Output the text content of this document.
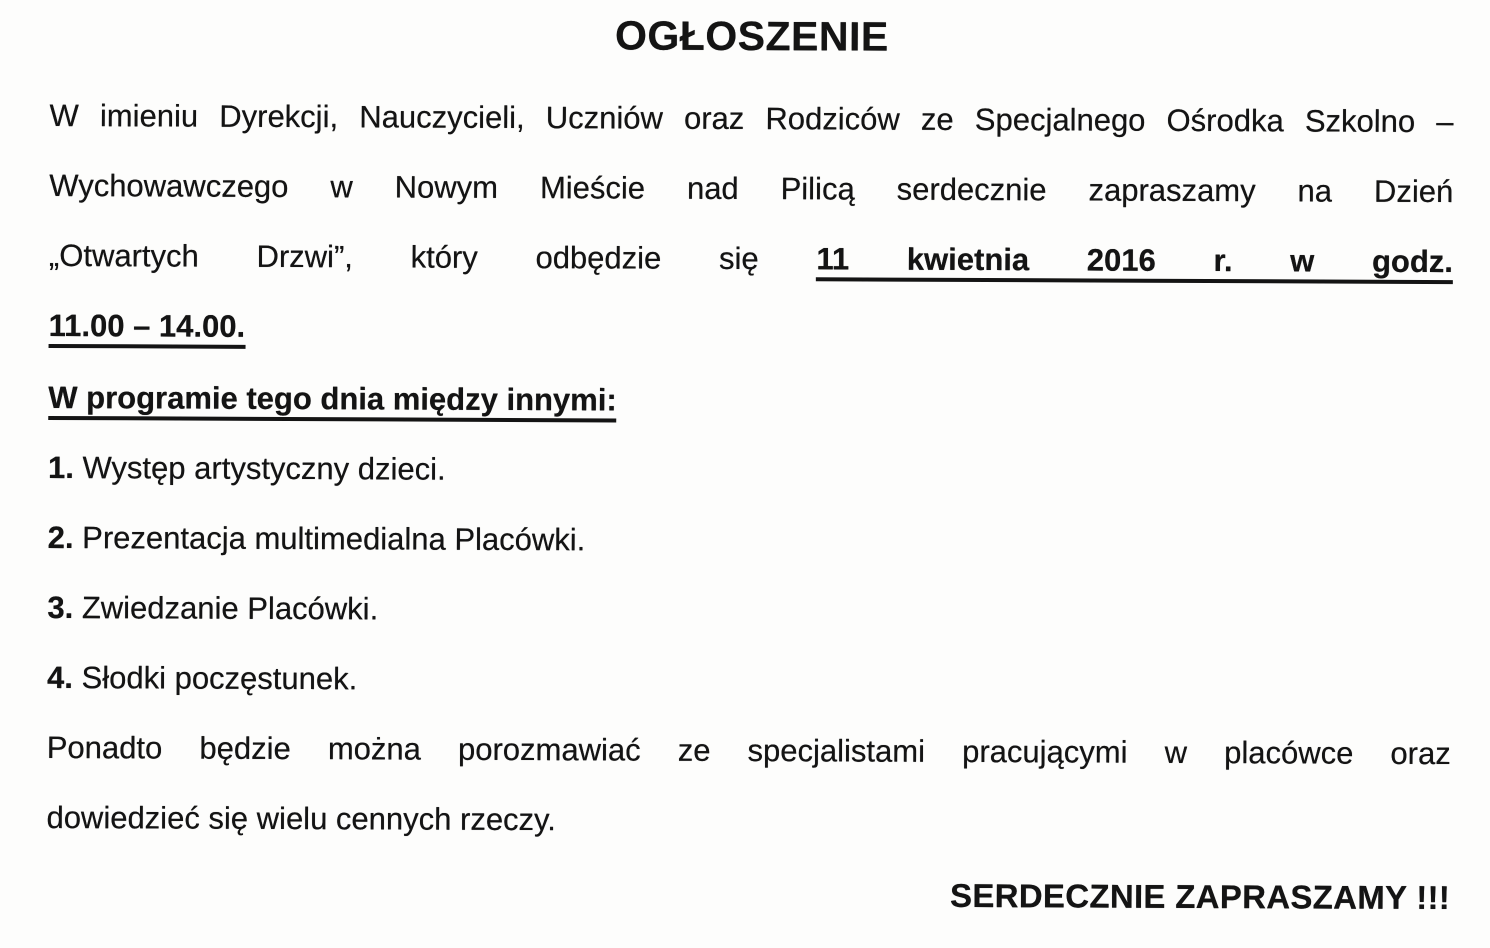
OGŁOSZENIE
W imieniu Dyrekcji, Nauczycieli, Uczniów oraz Rodziców ze Specjalnego Ośrodka Szkolno –
Wychowawczego w Nowym Mieście nad Pilicą serdecznie zapraszamy na Dzień
„Otwartych Drzwi”, który odbędzie się 11 kwietnia 2016 r. w godz.
11.00 – 14.00.
W programie tego dnia między innymi:
1. Występ artystyczny dzieci.
2. Prezentacja multimedialna Placówki.
3. Zwiedzanie Placówki.
4. Słodki poczęstunek.
Ponadto będzie można porozmawiać ze specjalistami pracującymi w placówce oraz
dowiedzieć się wielu cennych rzeczy.
SERDECZNIE ZAPRASZAMY !!!
